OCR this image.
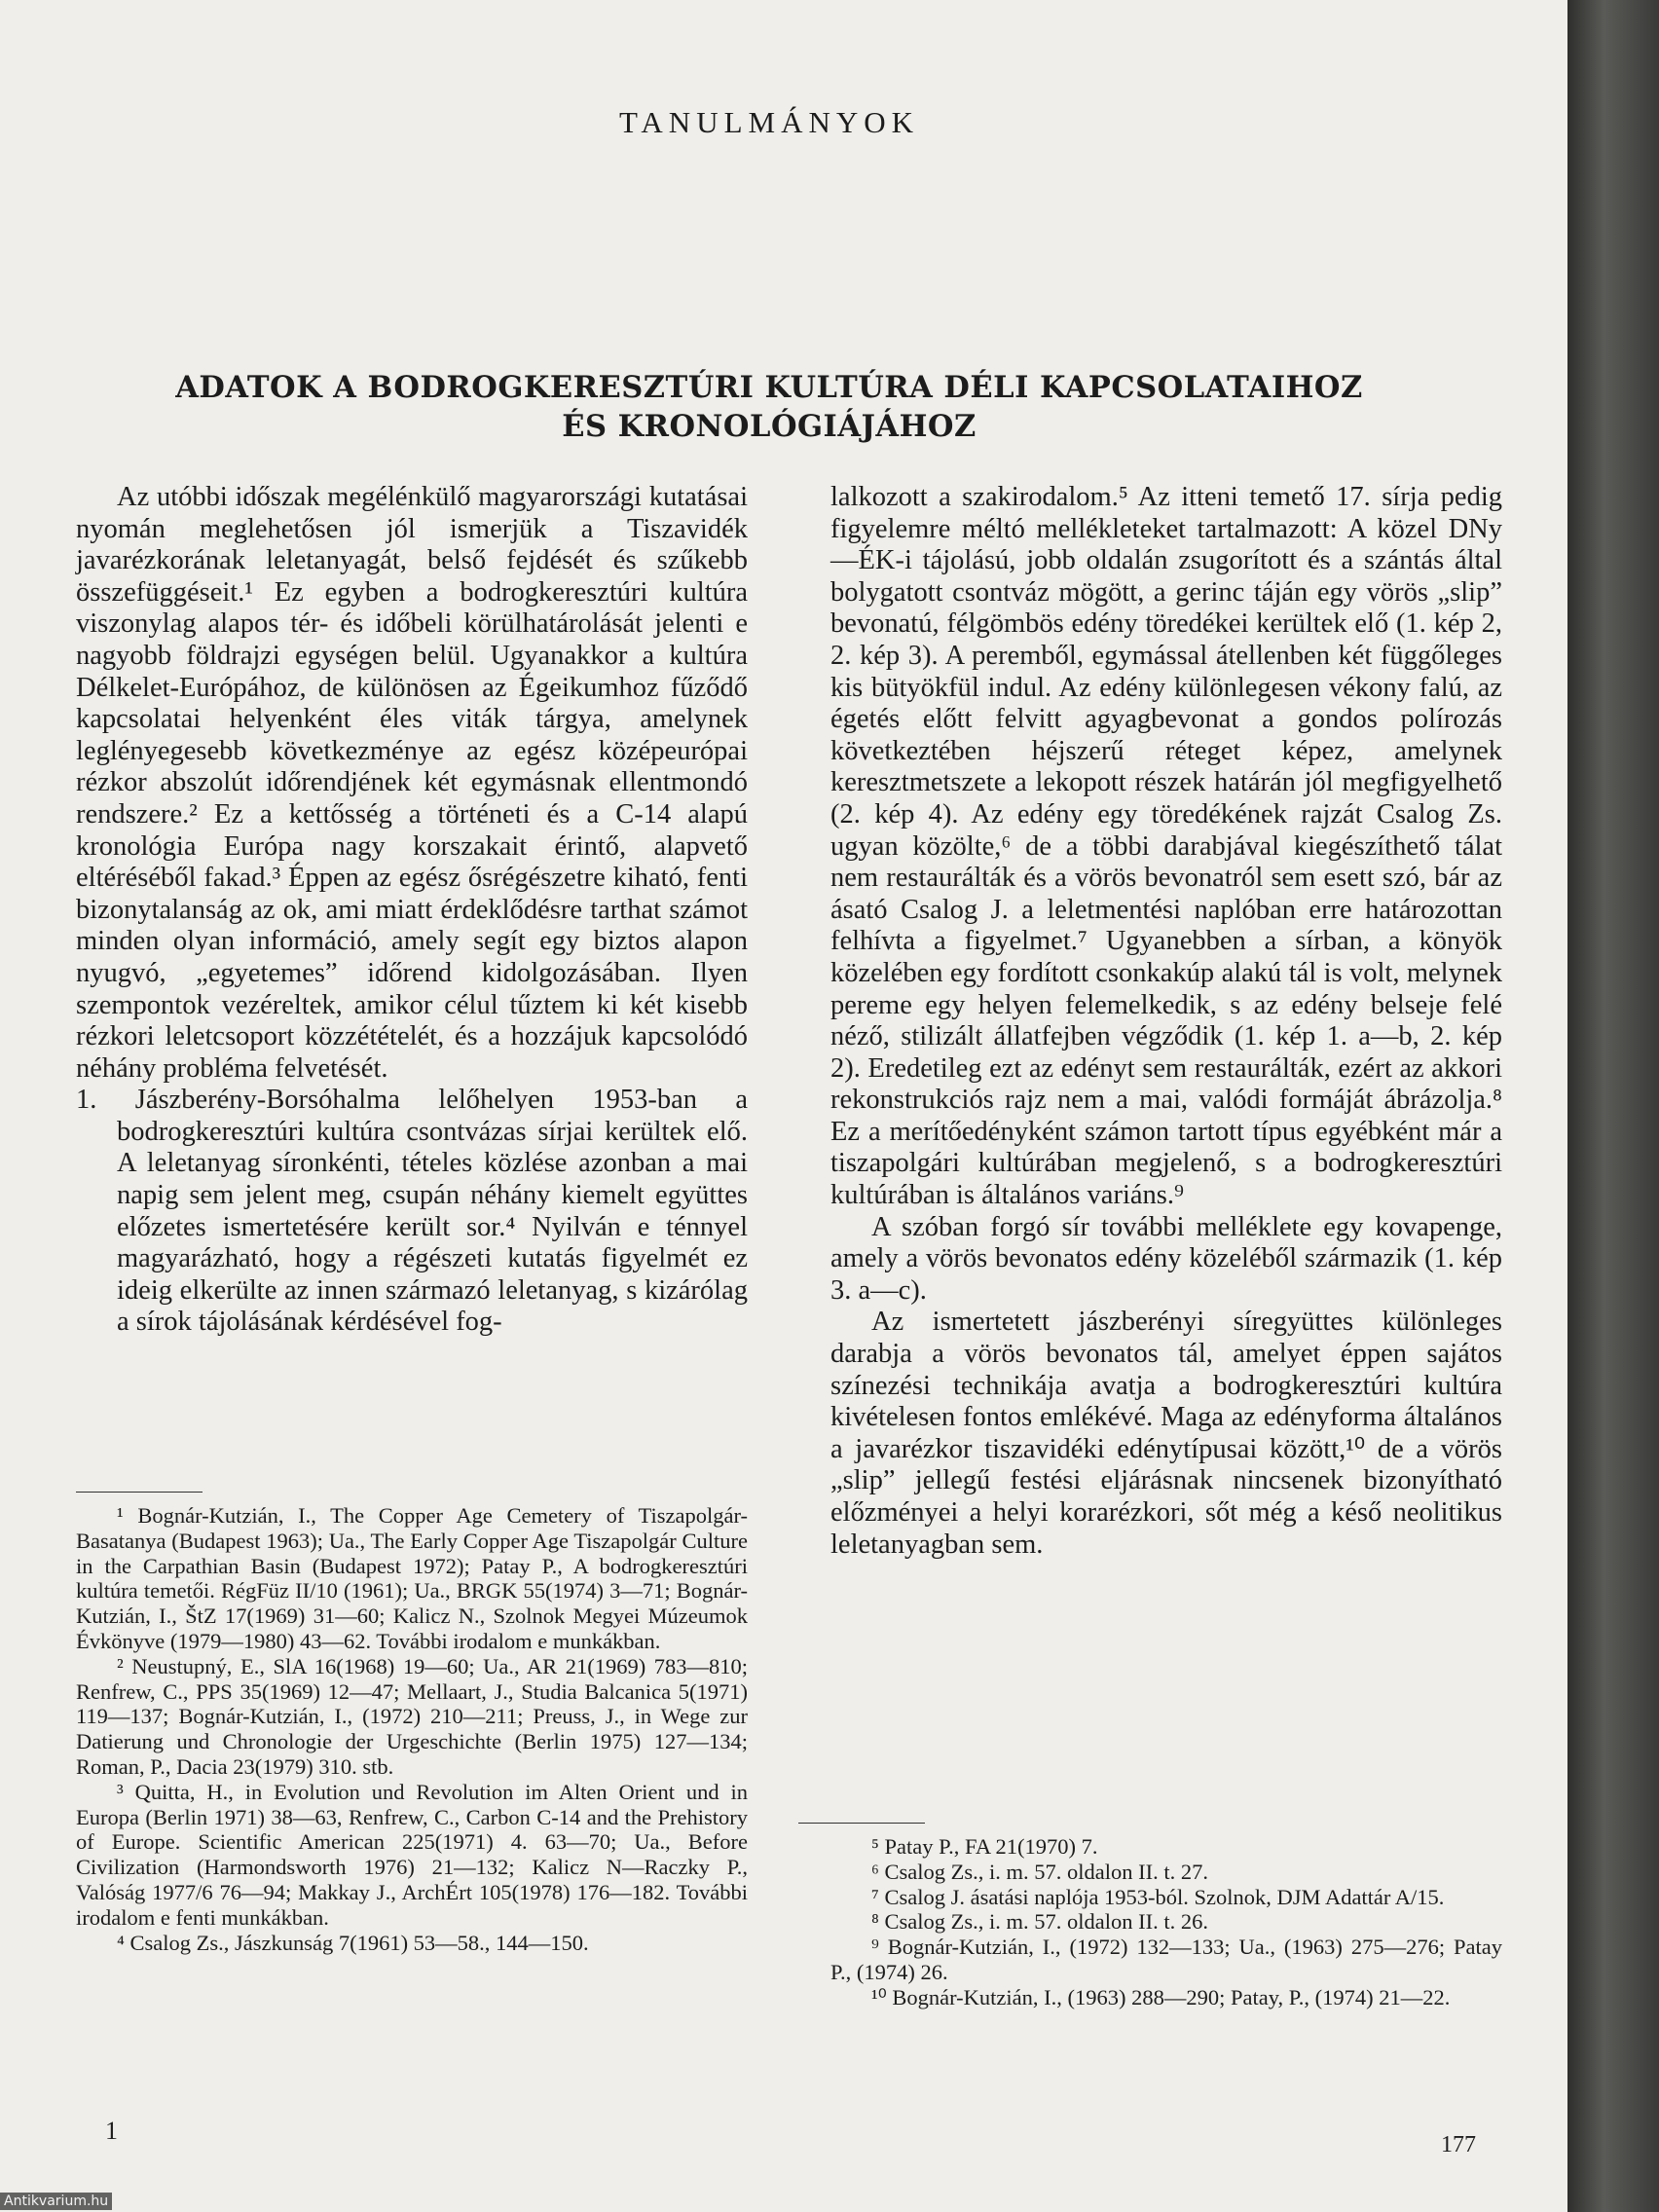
TANULMÁNYOK
ADATOK A BODROGKERESZTÚRI KULTÚRA DÉLI KAPCSOLATAIHOZ
ÉS KRONOLÓGIÁJÁHOZ

Az utóbbi időszak megélénkülő magyarországi kutatásai nyomán meglehetősen jól ismerjük a Tiszavidék javarézkorának leletanyagát, belső fejdését és szűkebb összefüggéseit.¹ Ez egyben a bodrogkeresztúri kultúra viszonylag alapos tér- és időbeli körülhatárolását jelenti e nagyobb földrajzi egységen belül. Ugyanakkor a kultúra Délkelet-Európához, de különösen az Égeikumhoz fűződő kapcsolatai helyenként éles viták tárgya, amelynek leglényegesebb következménye az egész középeurópai rézkor abszolút időrendjének két egymásnak ellentmondó rendszere.² Ez a kettősség a történeti és a C-14 alapú kronológia Európa nagy korszakait érintő, alapvető eltéréséből fakad.³ Éppen az egész ősrégészetre kiható, fenti bizonytalanság az ok, ami miatt érdeklődésre tarthat számot minden olyan információ, amely segít egy biztos alapon nyugvó, „egyetemes” időrend kidolgozásában. Ilyen szempontok vezéreltek, amikor célul tűztem ki két kisebb rézkori leletcsoport közzétételét, és a hozzájuk kapcsolódó néhány probléma felvetését.

1. Jászberény-Borsóhalma lelőhelyen 1953-ban a bodrogkeresztúri kultúra csontvázas sírjai kerültek elő. A leletanyag síronkénti, tételes közlése azonban a mai napig sem jelent meg, csupán néhány kiemelt együttes előzetes ismertetésére került sor.⁴ Nyilván e ténnyel magyarázható, hogy a régészeti kutatás figyelmét ez ideig elkerülte az innen származó leletanyag, s kizárólag a sírok tájolásának kérdésével fog-

lalkozott a szakirodalom.⁵ Az itteni temető 17. sírja pedig figyelemre méltó mellékleteket tartalmazott: A közel DNy—ÉK-i tájolású, jobb oldalán zsugorított és a szántás által bolygatott csontváz mögött, a gerinc táján egy vörös „slip” bevonatú, félgömbös edény töredékei kerültek elő (1. kép 2, 2. kép 3). A peremből, egymással átellenben két függőleges kis bütyökfül indul. Az edény különlegesen vékony falú, az égetés előtt felvitt agyagbevonat a gondos polírozás következtében héjszerű réteget képez, amelynek keresztmetszete a lekopott részek határán jól megfigyelhető (2. kép 4). Az edény egy töredékének rajzát Csalog Zs. ugyan közölte,⁶ de a többi darabjával kiegészíthető tálat nem restaurálták és a vörös bevonatról sem esett szó, bár az ásató Csalog J. a leletmentési naplóban erre határozottan felhívta a figyelmet.⁷ Ugyanebben a sírban, a könyök közelében egy fordított csonkakúp alakú tál is volt, melynek pereme egy helyen felemelkedik, s az edény belseje felé néző, stilizált állatfejben végződik (1. kép 1. a—b, 2. kép 2). Eredetileg ezt az edényt sem restaurálták, ezért az akkori rekonstrukciós rajz nem a mai, valódi formáját ábrázolja.⁸ Ez a merítőedényként számon tartott típus egyébként már a tiszapolgári kultúrában megjelenő, s a bodrogkeresztúri kultúrában is általános variáns.⁹

A szóban forgó sír további melléklete egy kovapenge, amely a vörös bevonatos edény közeléből származik (1. kép 3. a—c).

Az ismertetett jászberényi síregyüttes különleges darabja a vörös bevonatos tál, amelyet éppen sajátos színezési technikája avatja a bodrogkeresztúri kultúra kivételesen fontos emlékévé. Maga az edényforma általános a javarézkor tiszavidéki edénytípusai között,¹⁰ de a vörös „slip” jellegű festési eljárásnak nincsenek bizonyítható előzményei a helyi korarézkori, sőt még a késő neolitikus leletanyagban sem.

¹ Bognár-Kutzián, I., The Copper Age Cemetery of Tiszapolgár-Basatanya (Budapest 1963); Ua., The Early Copper Age Tiszapolgár Culture in the Carpathian Basin (Budapest 1972); Patay P., A bodrogkeresztúri kultúra temetői. RégFüz II/10 (1961); Ua., BRGK 55(1974) 3—71; Bognár-Kutzián, I., ŠtZ 17(1969) 31—60; Kalicz N., Szolnok Megyei Múzeumok Évkönyve (1979—1980) 43—62. További irodalom e munkákban.

² Neustupný, E., SlA 16(1968) 19—60; Ua., AR 21(1969) 783—810; Renfrew, C., PPS 35(1969) 12—47; Mellaart, J., Studia Balcanica 5(1971) 119—137; Bognár-Kutzián, I., (1972) 210—211; Preuss, J., in Wege zur Datierung und Chronologie der Urgeschichte (Berlin 1975) 127—134; Roman, P., Dacia 23(1979) 310. stb.

³ Quitta, H., in Evolution und Revolution im Alten Orient und in Europa (Berlin 1971) 38—63, Renfrew, C., Carbon C-14 and the Prehistory of Europe. Scientific American 225(1971) 4. 63—70; Ua., Before Civilization (Harmondsworth 1976) 21—132; Kalicz N—Raczky P., Valóság 1977/6 76—94; Makkay J., ArchÉrt 105(1978) 176—182. További irodalom e fenti munkákban.

⁴ Csalog Zs., Jászkunság 7(1961) 53—58., 144—150.

⁵ Patay P., FA 21(1970) 7.

⁶ Csalog Zs., i. m. 57. oldalon II. t. 27.

⁷ Csalog J. ásatási naplója 1953-ból. Szolnok, DJM Adattár A/15.

⁸ Csalog Zs., i. m. 57. oldalon II. t. 26.

⁹ Bognár-Kutzián, I., (1972) 132—133; Ua., (1963) 275—276; Patay P., (1974) 26.

¹⁰ Bognár-Kutzián, I., (1963) 288—290; Patay, P., (1974) 21—22.

1	177
Antikvarium.hu
